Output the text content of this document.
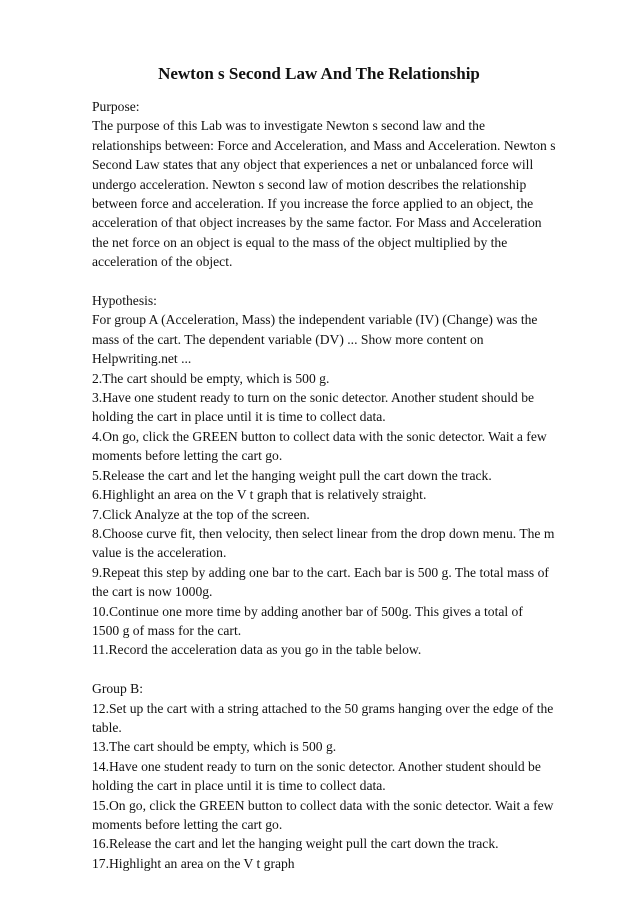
Newton s Second Law And The Relationship
Purpose:
The purpose of this Lab was to investigate Newton s second law and the
relationships between: Force and Acceleration, and Mass and Acceleration. Newton s
Second Law states that any object that experiences a net or unbalanced force will
undergo acceleration. Newton s second law of motion describes the relationship
between force and acceleration. If you increase the force applied to an object, the
acceleration of that object increases by the same factor. For Mass and Acceleration
the net force on an object is equal to the mass of the object multiplied by the
acceleration of the object.
Hypothesis:
For group A (Acceleration, Mass) the independent variable (IV) (Change) was the
mass of the cart. The dependent variable (DV) ... Show more content on
Helpwriting.net ...
2.The cart should be empty, which is 500 g.
3.Have one student ready to turn on the sonic detector. Another student should be
holding the cart in place until it is time to collect data.
4.On go, click the GREEN button to collect data with the sonic detector. Wait a few
moments before letting the cart go.
5.Release the cart and let the hanging weight pull the cart down the track.
6.Highlight an area on the V t graph that is relatively straight.
7.Click Analyze at the top of the screen.
8.Choose curve fit, then velocity, then select linear from the drop down menu. The m
value is the acceleration.
9.Repeat this step by adding one bar to the cart. Each bar is 500 g. The total mass of
the cart is now 1000g.
10.Continue one more time by adding another bar of 500g. This gives a total of
1500 g of mass for the cart.
11.Record the acceleration data as you go in the table below.
Group B:
12.Set up the cart with a string attached to the 50 grams hanging over the edge of the
table.
13.The cart should be empty, which is 500 g.
14.Have one student ready to turn on the sonic detector. Another student should be
holding the cart in place until it is time to collect data.
15.On go, click the GREEN button to collect data with the sonic detector. Wait a few
moments before letting the cart go.
16.Release the cart and let the hanging weight pull the cart down the track.
17.Highlight an area on the V t graph
